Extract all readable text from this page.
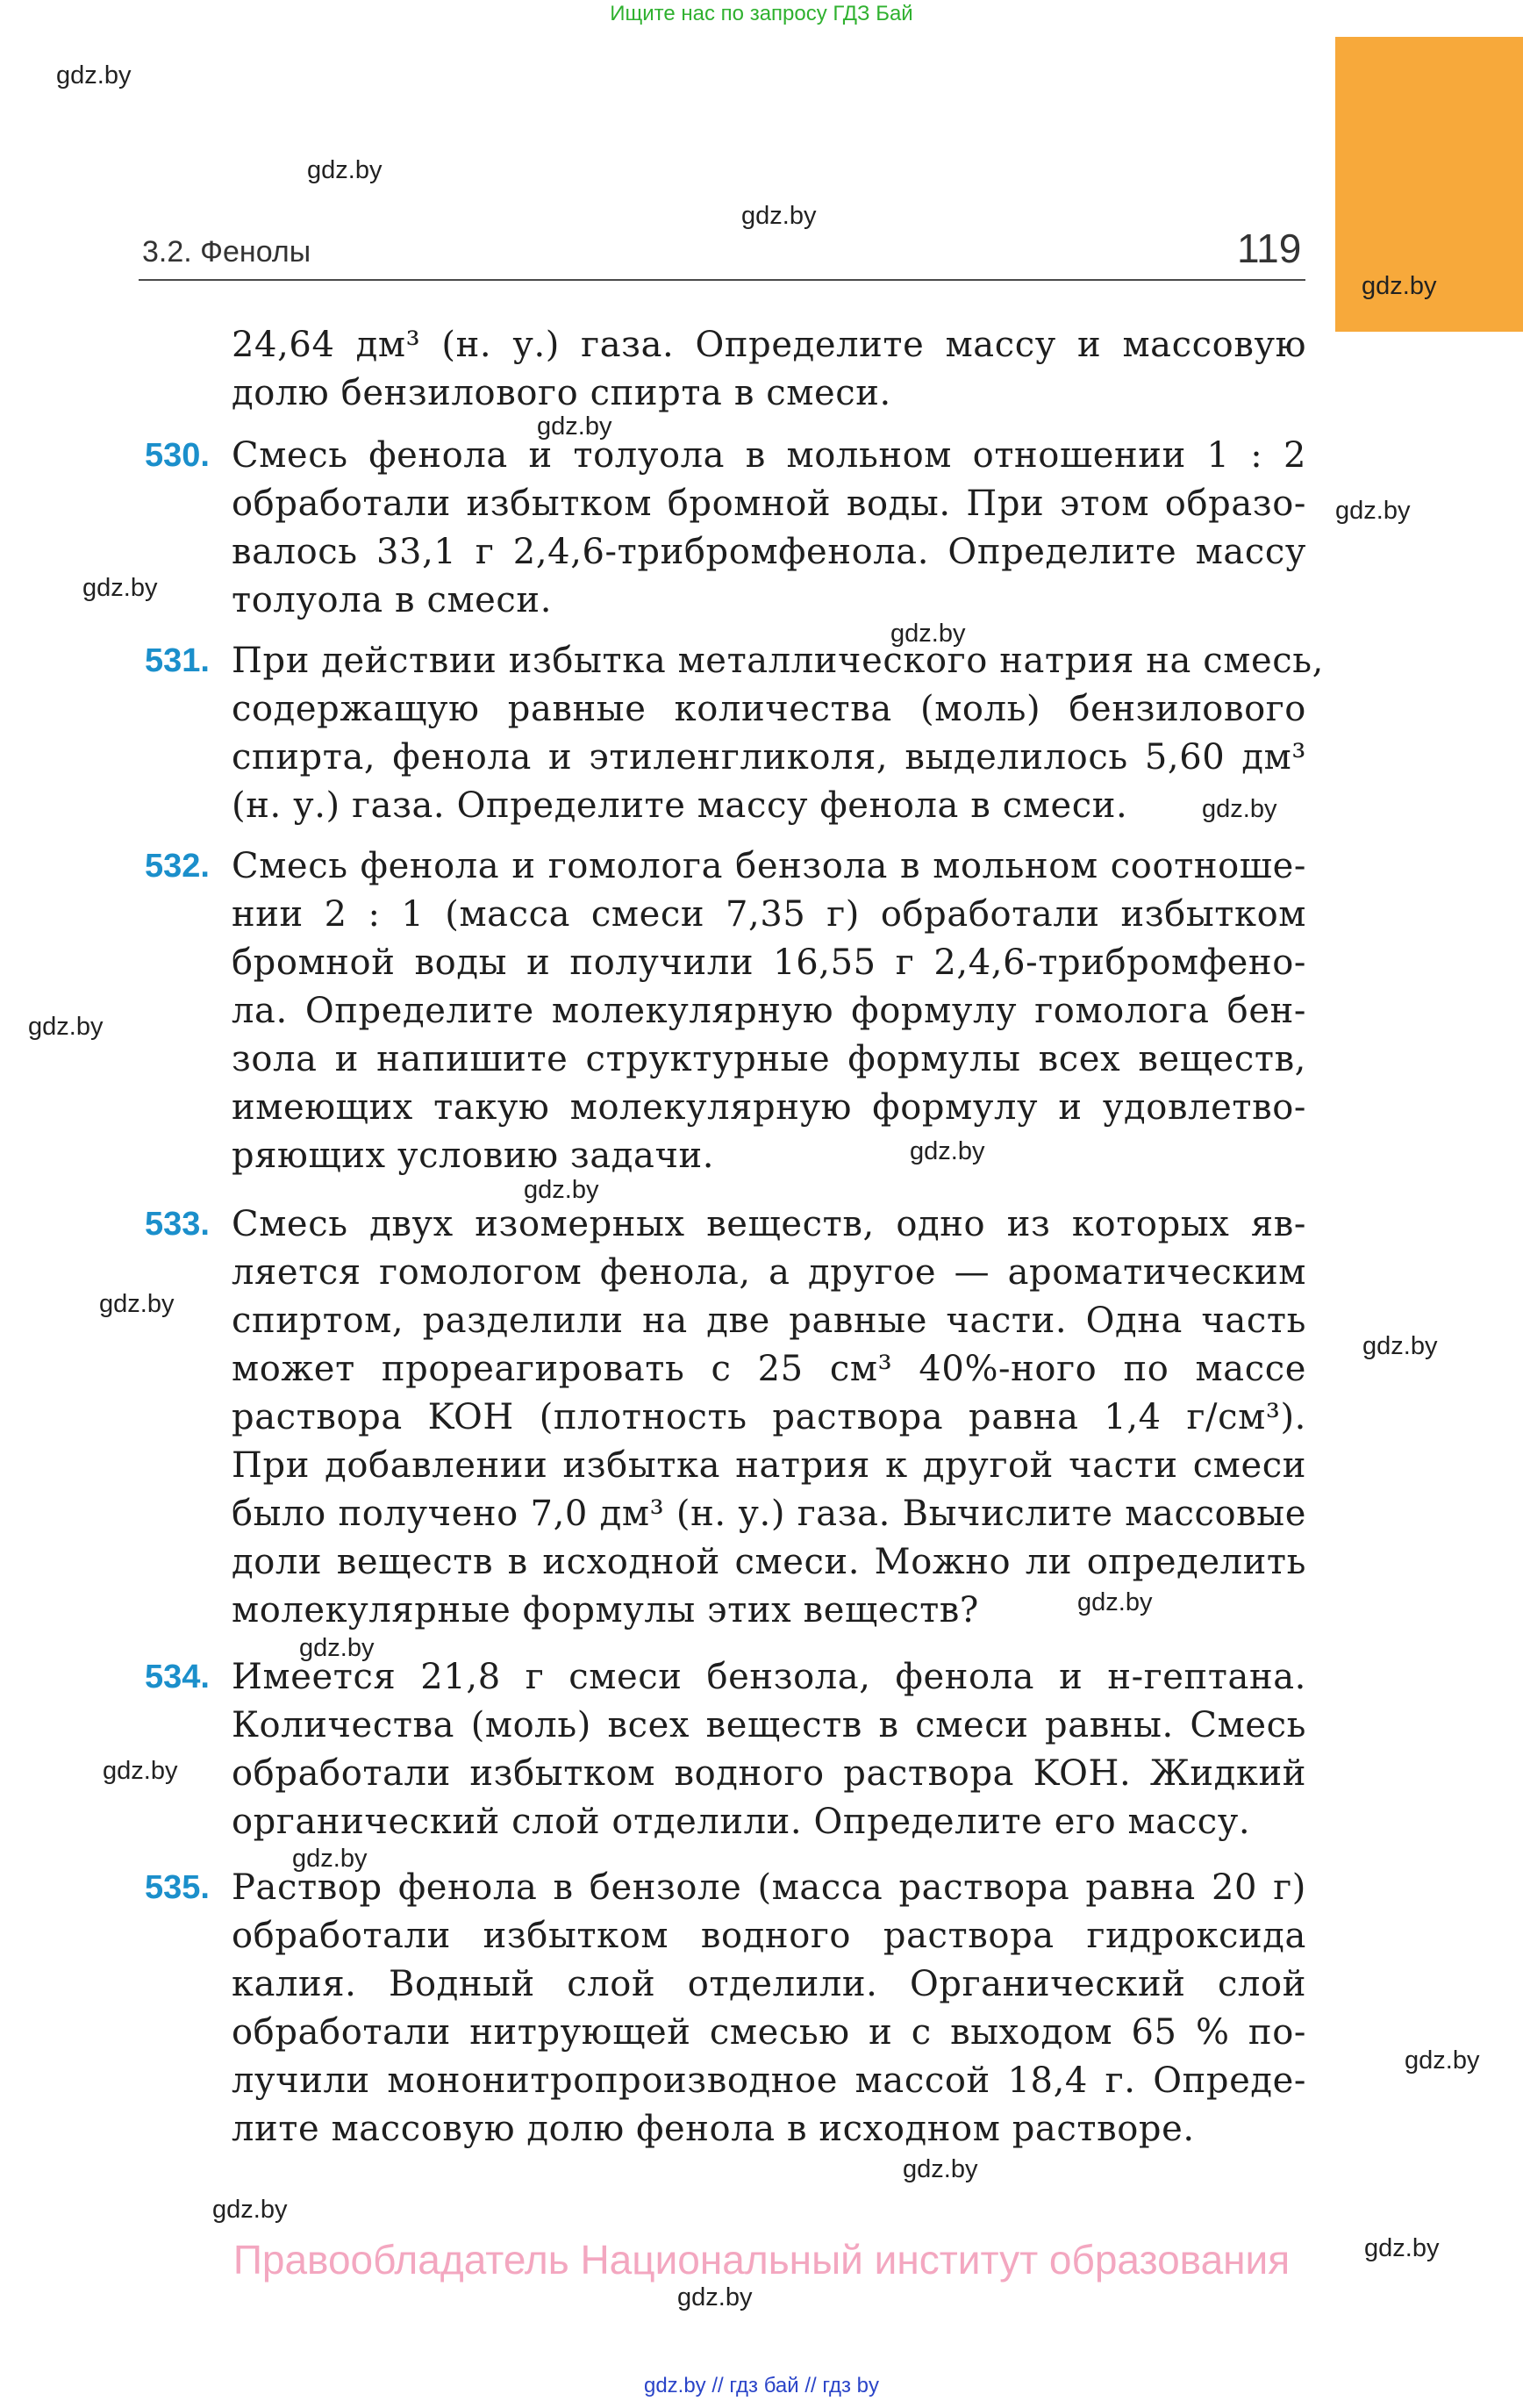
Ищите нас по запросу ГДЗ Бай
3.2. Фенолы	119
gdz.by
gdz.by
gdz.by
gdz.by
gdz.by
gdz.by
gdz.by
gdz.by
gdz.by
gdz.by
gdz.by
gdz.by
gdz.by
gdz.by
gdz.by
gdz.by
gdz.by
gdz.by
gdz.by
gdz.by
gdz.by
gdz.by
gdz.by
24,64 дм³ (н. у.) газа. Определите массу и массовую
долю бензилового спирта в смеси.
530. Смесь фенола и толуола в мольном отношении 1 : 2
обработали избытком бромной воды. При этом образо-
валось 33,1 г 2,4,6-трибромфенола. Определите массу
толуола в смеси.
531. При действии избытка металлического натрия на смесь,
содержащую равные количества (моль) бензилового
спирта, фенола и этиленгликоля, выделилось 5,60 дм³
(н. у.) газа. Определите массу фенола в смеси.
532. Смесь фенола и гомолога бензола в мольном соотноше-
нии 2 : 1 (масса смеси 7,35 г) обработали избытком
бромной воды и получили 16,55 г 2,4,6-трибромфено-
ла. Определите молекулярную формулу гомолога бен-
зола и напишите структурные формулы всех веществ,
имеющих такую молекулярную формулу и удовлетво-
ряющих условию задачи.
533. Смесь двух изомерных веществ, одно из которых яв-
ляется гомологом фенола, а другое — ароматическим
спиртом, разделили на две равные части. Одна часть
может прореагировать с 25 см³ 40%-ного по массе
раствора KOH (плотность раствора равна 1,4 г/см³).
При добавлении избытка натрия к другой части смеси
было получено 7,0 дм³ (н. у.) газа. Вычислите массовые
доли веществ в исходной смеси. Можно ли определить
молекулярные формулы этих веществ?
534. Имеется 21,8 г смеси бензола, фенола и н-гептана.
Количества (моль) всех веществ в смеси равны. Смесь
обработали избытком водного раствора KOH. Жидкий
органический слой отделили. Определите его массу.
535. Раствор фенола в бензоле (масса раствора равна 20 г)
обработали избытком водного раствора гидроксида
калия. Водный слой отделили. Органический слой
обработали нитрующей смесью и с выходом 65 % по-
лучили мононитропроизводное массой 18,4 г. Опреде-
лите массовую долю фенола в исходном растворе.
Правообладатель Национальный институт образования
gdz.by // гдз бай // гдз by
